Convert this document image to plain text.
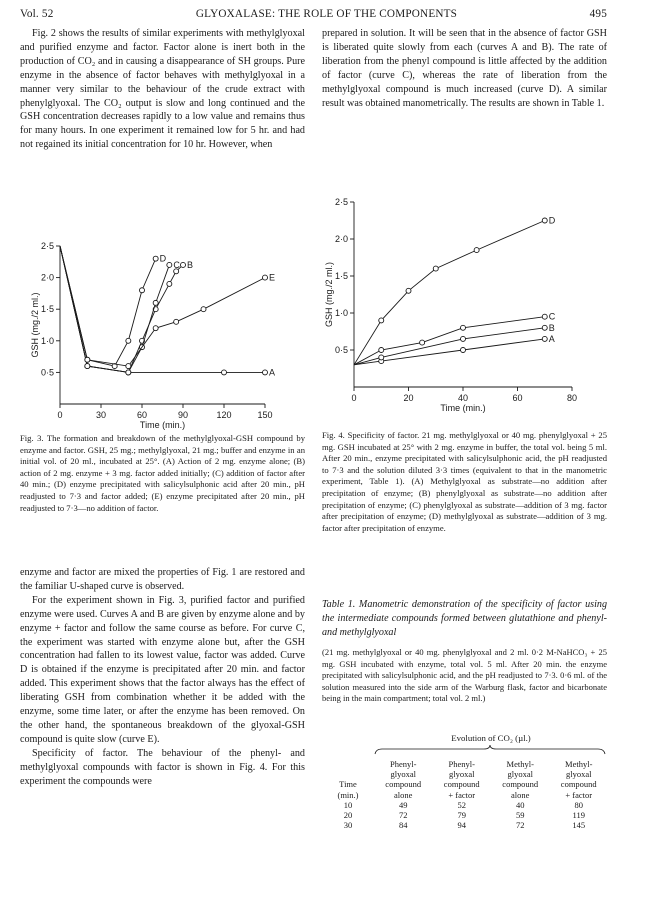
Vol. 52	GLYOXALASE: THE ROLE OF THE COMPONENTS	495

Fig. 2 shows the results of similar experiments with methylglyoxal and purified enzyme and factor. Factor alone is inert both in the production of CO₂ and in causing a disappearance of SH groups. Pure enzyme in the absence of factor behaves with methylglyoxal in a manner very similar to the behaviour of the crude extract with phenylglyoxal. The CO₂ output is slow and long continued and the GSH concentration decreases rapidly to a low value and remains thus for many hours. In one experiment it remained low for 5 hr. and had not regained its initial concentration for 10 hr. However, when

0	30	60	90	120	150
0·5
1·0
1·5
2·0
2·5
Time (min.)
GSH (mg./2 ml.)
A
B
C
D
E
Fig. 3. The formation and breakdown of the methylglyoxal-GSH compound by enzyme and factor. GSH, 25 mg.; methylglyoxal, 21 mg.; buffer and enzyme in an initial vol. of 20 ml., incubated at 25°. (A) Action of 2 mg. enzyme alone; (B) action of 2 mg. enzyme + 3 mg. factor added initially; (C) addition of factor after 40 min.; (D) enzyme precipitated with salicylsulphonic acid after 20 min., pH readjusted to 7·3 and factor added; (E) enzyme precipitated after 20 min., pH readjusted to 7·3—no addition of factor.

enzyme and factor are mixed the properties of Fig. 1 are restored and the familiar U-shaped curve is observed.

For the experiment shown in Fig. 3, purified factor and purified enzyme were used. Curves A and B are given by enzyme alone and by enzyme + factor and follow the same course as before. For curve C, the experiment was started with enzyme alone but, after the GSH concentration had fallen to its lowest value, factor was added. Curve D is obtained if the enzyme is precipitated after 20 min. and factor added. This experiment shows that the factor always has the effect of liberating GSH from combination whether it be added with the enzyme, some time later, or after the enzyme has been removed. On the other hand, the spontaneous breakdown of the glyoxal-GSH compound is quite slow (curve E).

Specificity of factor. The behaviour of the phenyl- and methylglyoxal compounds with factor is shown in Fig. 4. For this experiment the compounds were

prepared in solution. It will be seen that in the absence of factor GSH is liberated quite slowly from each (curves A and B). The rate of liberation from the phenyl compound is little affected by the addition of factor (curve C), whereas the rate of liberation from the methylglyoxal compound is much increased (curve D). A similar result was obtained manometrically. The results are shown in Table 1.

0	20	40	60	80
0·5
1·0
1·5
2·0
2·5
Time (min.)
GSH (mg./2 ml.)
A
B
C
D
Fig. 4. Specificity of factor. 21 mg. methylglyoxal or 40 mg. phenylglyoxal + 25 mg. GSH incubated at 25° with 2 mg. enzyme in buffer, the total vol. being 5 ml. After 20 min., enzyme precipitated with salicylsulphonic acid, the pH readjusted to 7·3 and the solution diluted 3·3 times (equivalent to that in the manometric experiment, Table 1). (A) Methylglyoxal as substrate—no addition after precipitation of enzyme; (B) phenylglyoxal as substrate—no addition after precipitation of enzyme; (C) phenylglyoxal as substrate—addition of 3 mg. factor after precipitation of enzyme; (D) methylglyoxal as substrate—addition of 3 mg. factor after precipitation of enzyme.
Table 1. Manometric demonstration of the specificity of factor using the intermediate compounds formed between glutathione and phenyl- and methylglyoxal
(21 mg. methylglyoxal or 40 mg. phenylglyoxal and 2 ml. 0·2 M-NaHCO₃ + 25 mg. GSH incubated with enzyme, total vol. 5 ml. After 20 min. the enzyme precipitated with salicylsulphonic acid, and the pH readjusted to 7·3. 0·6 ml. of the solution measured into the side arm of the Warburg flask, factor and bicarbonate being in the main compartment; total vol. 2 ml.)
Evolution of CO₂ (µl.)
Time
(min.)	Phenyl-
glyoxal
compound
alone	Phenyl-
glyoxal
compound
+ factor	Methyl-
glyoxal
compound
alone	Methyl-
glyoxal
compound
+ factor
10	49	52	40	80
20	72	79	59	119
30	84	94	72	145
